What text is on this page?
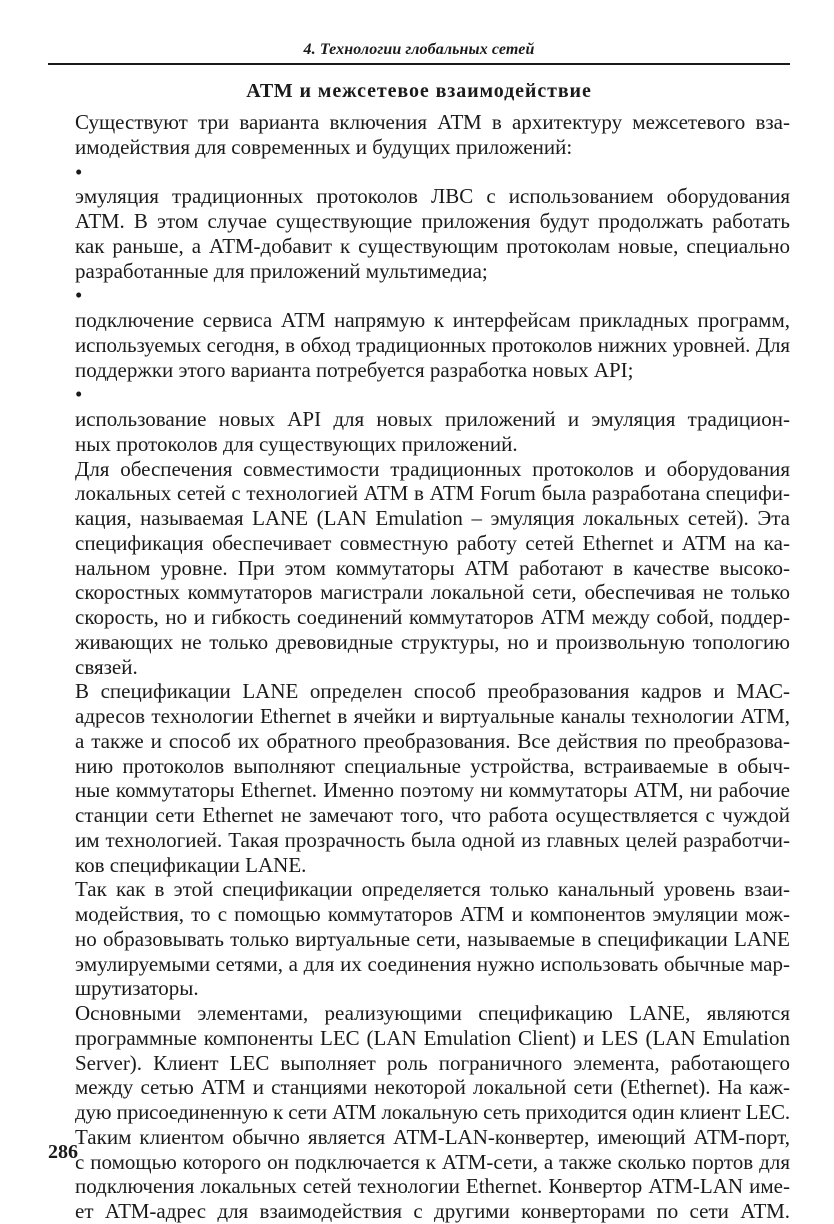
4. Технологии глобальных сетей
АТМ и межсетевое взаимодействие

Существуют три варианта включения АТМ в архитектуру межсетевого вза-
имодействия для современных и будущих приложений:

• эмуляция традиционных протоколов ЛВС с использованием оборудования
АТМ. В этом случае существующие приложения будут продолжать работать
как раньше, а АТМ-добавит к существующим протоколам новые, специально
разработанные для приложений мультимедиа;

• подключение сервиса АТМ напрямую к интерфейсам прикладных программ,
используемых сегодня, в обход традиционных протоколов нижних уровней. Для
поддержки этого варианта потребуется разработка новых API;

• использование новых API для новых приложений и эмуляция традицион-
ных протоколов для существующих приложений.

Для обеспечения совместимости традиционных протоколов и оборудования
локальных сетей с технологией АТМ в АТМ Forum была разработана специфи-
кация, называемая LANE (LAN Emulation – эмуляция локальных сетей). Эта
спецификация обеспечивает совместную работу сетей Ethernet и АТМ на ка-
нальном уровне. При этом коммутаторы АТМ работают в качестве высоко-
скоростных коммутаторов магистрали локальной сети, обеспечивая не только
скорость, но и гибкость соединений коммутаторов АТМ между собой, поддер-
живающих не только древовидные структуры, но и произвольную топологию
связей.

В спецификации LANE определен способ преобразования кадров и МАС-
адресов технологии Ethernet в ячейки и виртуальные каналы технологии АТМ,
а также и способ их обратного преобразования. Все действия по преобразова-
нию протоколов выполняют специальные устройства, встраиваемые в обыч-
ные коммутаторы Ethernet. Именно поэтому ни коммутаторы АТМ, ни рабочие
станции сети Ethernet не замечают того, что работа осуществляется с чуждой
им технологией. Такая прозрачность была одной из главных целей разработчи-
ков спецификации LANE.

Так как в этой спецификации определяется только канальный уровень взаи-
модействия, то с помощью коммутаторов АТМ и компонентов эмуляции мож-
но образовывать только виртуальные сети, называемые в спецификации LANE
эмулируемыми сетями, а для их соединения нужно использовать обычные мар-
шрутизаторы.

Основными элементами, реализующими спецификацию LANE, являются
программные компоненты LEC (LAN Emulation Client) и LES (LAN Emulation
Server). Клиент LEC выполняет роль пограничного элемента, работающего
между сетью АТМ и станциями некоторой локальной сети (Ethernet). На каж-
дую присоединенную к сети АТМ локальную сеть приходится один клиент LEC.
Таким клиентом обычно является АТМ-LAN-конвертер, имеющий АТМ-порт,
с помощью которого он подключается к АТМ-сети, а также сколько портов для
подключения локальных сетей технологии Ethernet. Конвертор АТМ-LAN име-
ет АТМ-адрес для взаимодействия с другими конверторами по сети АТМ.

286
